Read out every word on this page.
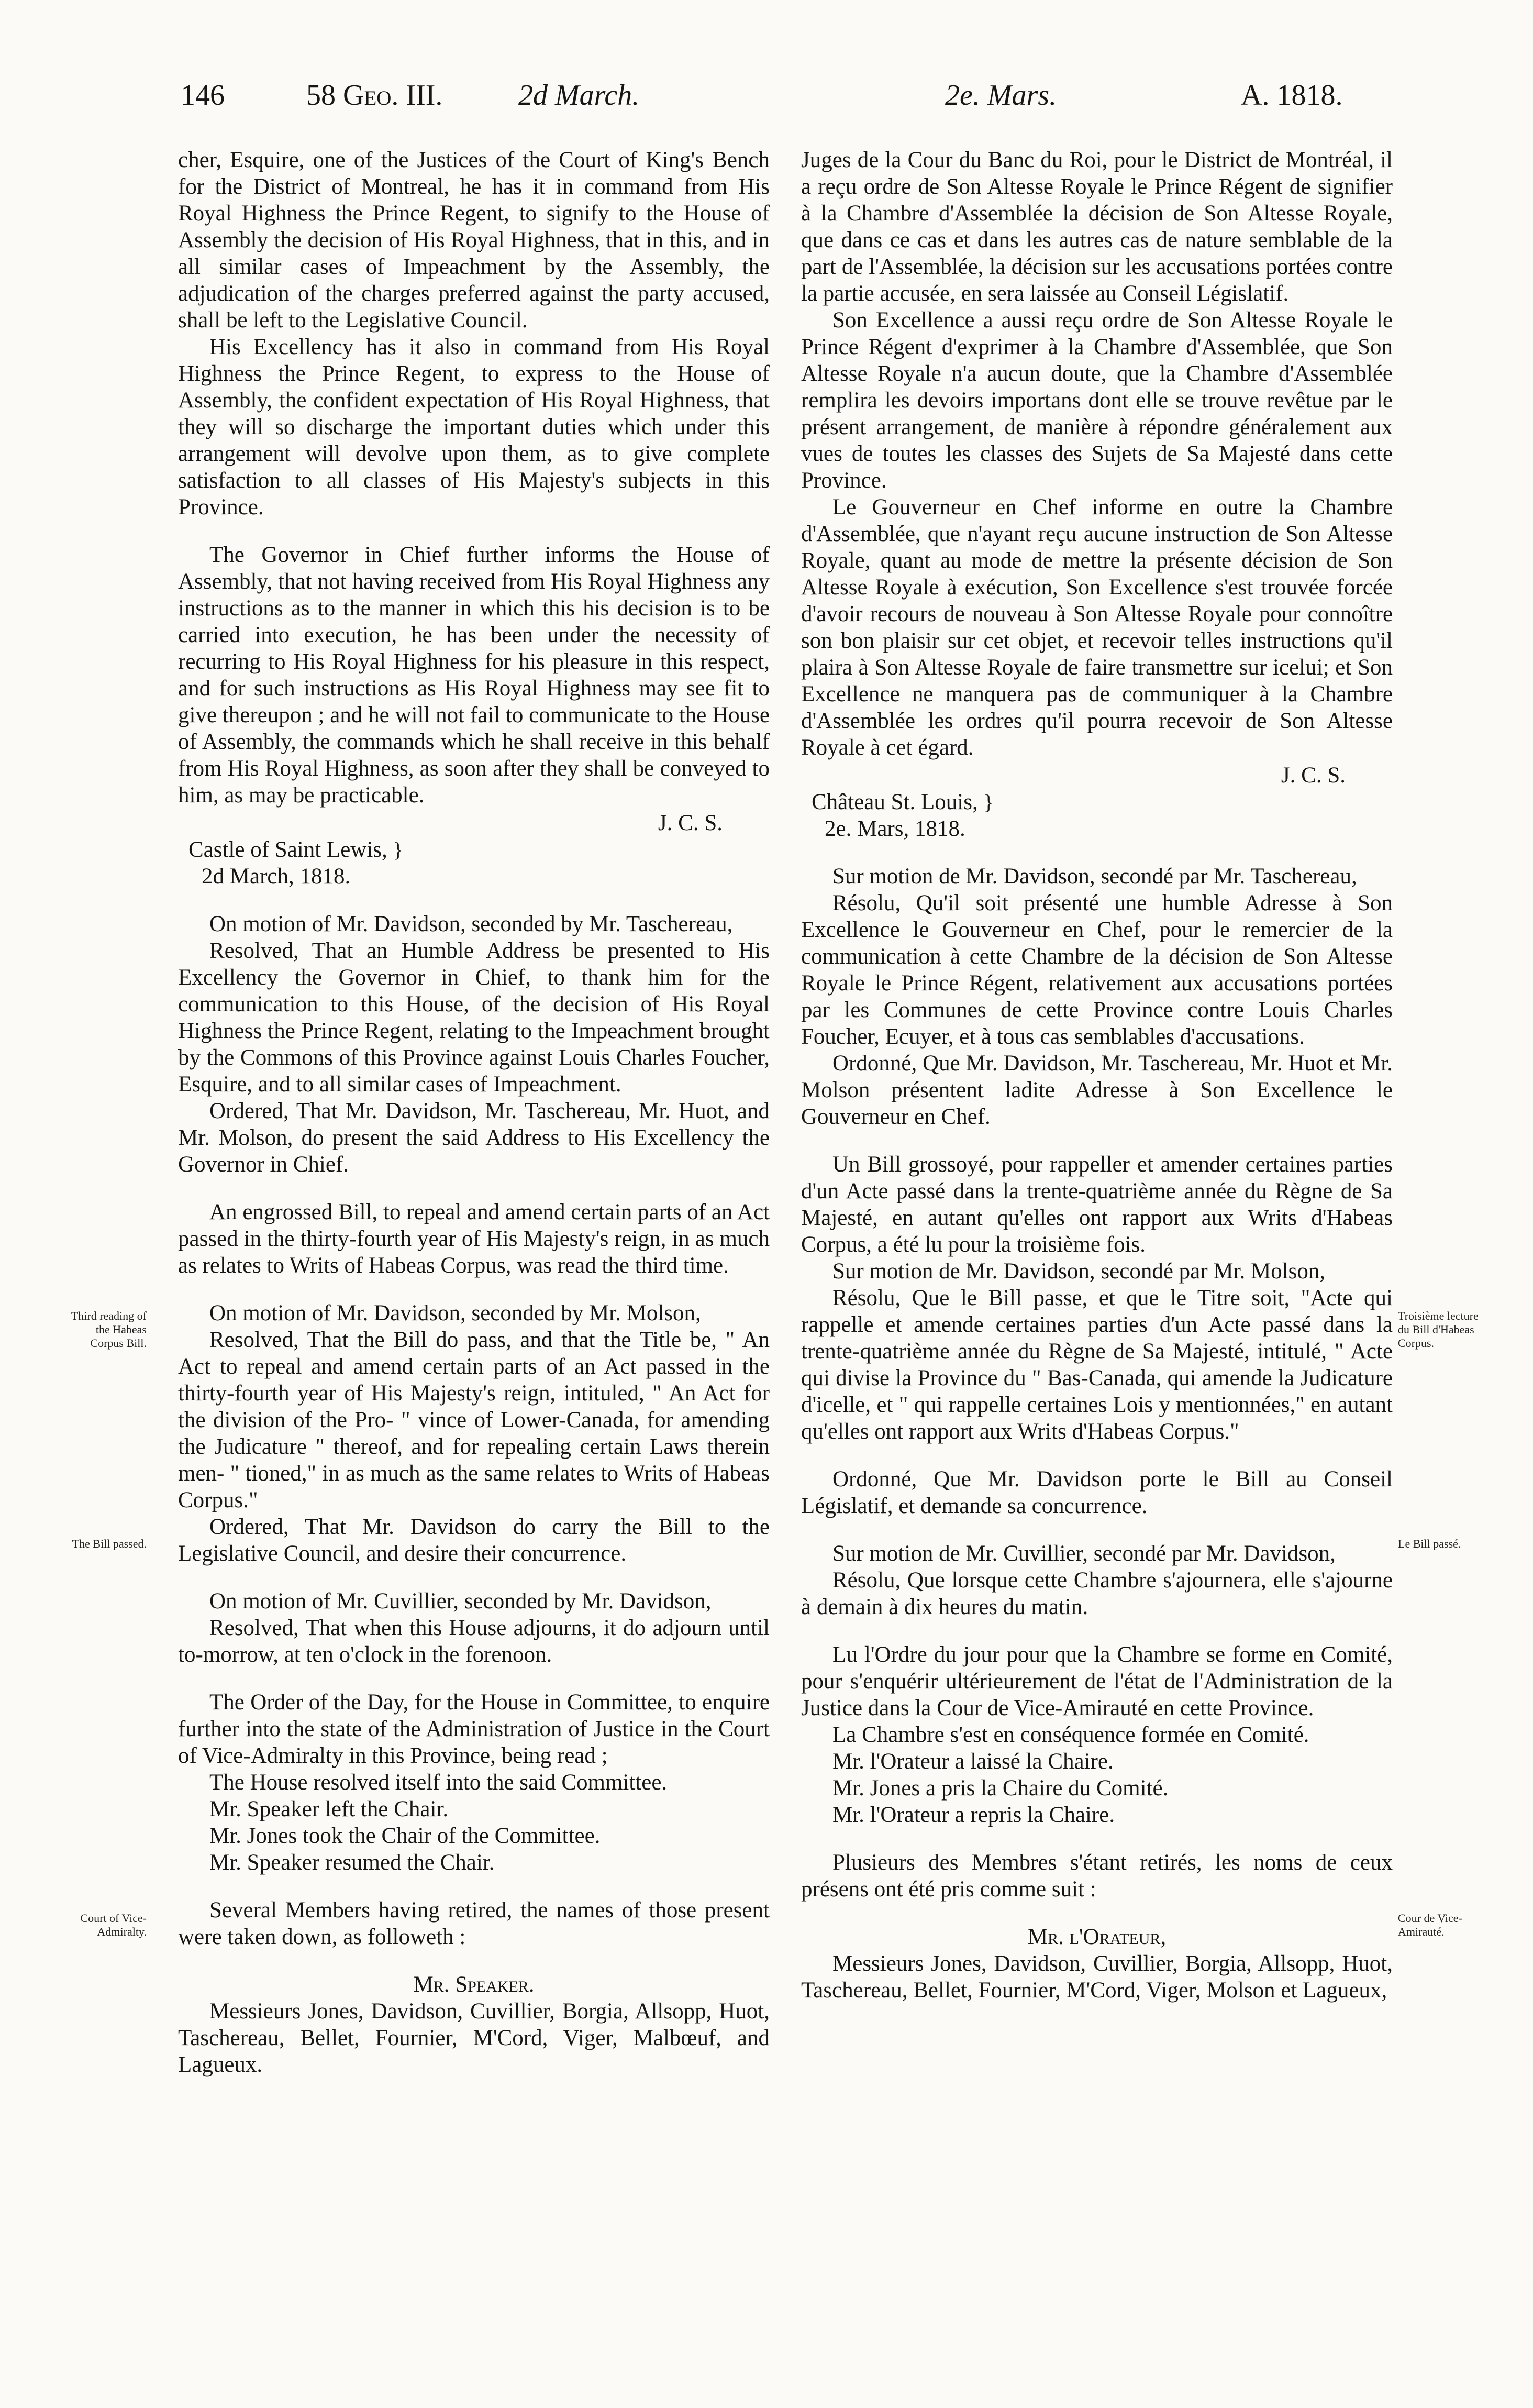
146	58 Geo. III.	2d March.	2e. Mars.	A. 1818.

cher, Esquire, one of the Justices of the Court of King's Bench for the District of Montreal, he has it in command from His Royal Highness the Prince Regent, to signify to the House of Assembly the decision of His Royal Highness, that in this, and in all similar cases of Impeachment by the Assembly, the adjudication of the charges preferred against the party accused, shall be left to the Legislative Council.

His Excellency has it also in command from His Royal Highness the Prince Regent, to express to the House of Assembly, the confident expectation of His Royal Highness, that they will so discharge the important duties which under this arrangement will devolve upon them, as to give complete satisfaction to all classes of His Majesty's subjects in this Province.

The Governor in Chief further informs the House of Assembly, that not having received from His Royal Highness any instructions as to the manner in which this his decision is to be carried into execution, he has been under the necessity of recurring to His Royal Highness for his pleasure in this respect, and for such instructions as His Royal Highness may see fit to give thereupon ; and he will not fail to communicate to the House of Assembly, the commands which he shall receive in this behalf from His Royal Highness, as soon after they shall be conveyed to him, as may be practicable.

J. C. S.

Castle of Saint Lewis, }
2d March, 1818.

On motion of Mr. Davidson, seconded by Mr. Taschereau,

Resolved, That an Humble Address be presented to His Excellency the Governor in Chief, to thank him for the communication to this House, of the decision of His Royal Highness the Prince Regent, relating to the Impeachment brought by the Commons of this Province against Louis Charles Foucher, Esquire, and to all similar cases of Impeachment.

Ordered, That Mr. Davidson, Mr. Taschereau, Mr. Huot, and Mr. Molson, do present the said Address to His Excellency the Governor in Chief.

An engrossed Bill, to repeal and amend certain parts of an Act passed in the thirty-fourth year of His Majesty's reign, in as much as relates to Writs of Habeas Corpus, was read the third time.

On motion of Mr. Davidson, seconded by Mr. Molson,

Resolved, That the Bill do pass, and that the Title be, " An Act to repeal and amend certain parts of an Act passed in the thirty-fourth year of His Majesty's reign, intituled, " An Act for the division of the Pro- " vince of Lower-Canada, for amending the Judicature " thereof, and for repealing certain Laws therein men- " tioned," in as much as the same relates to Writs of Habeas Corpus."

Ordered, That Mr. Davidson do carry the Bill to the Legislative Council, and desire their concurrence.

On motion of Mr. Cuvillier, seconded by Mr. Davidson,

Resolved, That when this House adjourns, it do adjourn until to-morrow, at ten o'clock in the forenoon.

The Order of the Day, for the House in Committee, to enquire further into the state of the Administration of Justice in the Court of Vice-Admiralty in this Province, being read ;

The House resolved itself into the said Committee.

Mr. Speaker left the Chair.

Mr. Jones took the Chair of the Committee.

Mr. Speaker resumed the Chair.

Several Members having retired, the names of those present were taken down, as followeth :

Mr. Speaker.

Messieurs Jones, Davidson, Cuvillier, Borgia, Allsopp, Huot, Taschereau, Bellet, Fournier, M'Cord, Viger, Malbœuf, and Lagueux.

Juges de la Cour du Banc du Roi, pour le District de Montréal, il a reçu ordre de Son Altesse Royale le Prince Régent de signifier à la Chambre d'Assemblée la décision de Son Altesse Royale, que dans ce cas et dans les autres cas de nature semblable de la part de l'Assemblée, la décision sur les accusations portées contre la partie accusée, en sera laissée au Conseil Législatif.

Son Excellence a aussi reçu ordre de Son Altesse Royale le Prince Régent d'exprimer à la Chambre d'Assemblée, que Son Altesse Royale n'a aucun doute, que la Chambre d'Assemblée remplira les devoirs importans dont elle se trouve revêtue par le présent arrangement, de manière à répondre généralement aux vues de toutes les classes des Sujets de Sa Majesté dans cette Province.

Le Gouverneur en Chef informe en outre la Chambre d'Assemblée, que n'ayant reçu aucune instruction de Son Altesse Royale, quant au mode de mettre la présente décision de Son Altesse Royale à exécution, Son Excellence s'est trouvée forcée d'avoir recours de nouveau à Son Altesse Royale pour connoître son bon plaisir sur cet objet, et recevoir telles instructions qu'il plaira à Son Altesse Royale de faire transmettre sur icelui; et Son Excellence ne manquera pas de communiquer à la Chambre d'Assemblée les ordres qu'il pourra recevoir de Son Altesse Royale à cet égard.

J. C. S.

Château St. Louis, }
2e. Mars, 1818.

Sur motion de Mr. Davidson, secondé par Mr. Taschereau,

Résolu, Qu'il soit présenté une humble Adresse à Son Excellence le Gouverneur en Chef, pour le remercier de la communication à cette Chambre de la décision de Son Altesse Royale le Prince Régent, relativement aux accusations portées par les Communes de cette Province contre Louis Charles Foucher, Ecuyer, et à tous cas semblables d'accusations.

Ordonné, Que Mr. Davidson, Mr. Taschereau, Mr. Huot et Mr. Molson présentent ladite Adresse à Son Excellence le Gouverneur en Chef.

Un Bill grossoyé, pour rappeller et amender certaines parties d'un Acte passé dans la trente-quatrième année du Règne de Sa Majesté, en autant qu'elles ont rapport aux Writs d'Habeas Corpus, a été lu pour la troisième fois.

Sur motion de Mr. Davidson, secondé par Mr. Molson,

Résolu, Que le Bill passe, et que le Titre soit, "Acte qui rappelle et amende certaines parties d'un Acte passé dans la trente-quatrième année du Règne de Sa Majesté, intitulé, " Acte qui divise la Province du " Bas-Canada, qui amende la Judicature d'icelle, et " qui rappelle certaines Lois y mentionnées," en autant qu'elles ont rapport aux Writs d'Habeas Corpus."

Ordonné, Que Mr. Davidson porte le Bill au Conseil Législatif, et demande sa concurrence.

Sur motion de Mr. Cuvillier, secondé par Mr. Davidson,

Résolu, Que lorsque cette Chambre s'ajournera, elle s'ajourne à demain à dix heures du matin.

Lu l'Ordre du jour pour que la Chambre se forme en Comité, pour s'enquérir ultérieurement de l'état de l'Administration de la Justice dans la Cour de Vice-Amirauté en cette Province.

La Chambre s'est en conséquence formée en Comité.

Mr. l'Orateur a laissé la Chaire.

Mr. Jones a pris la Chaire du Comité.

Mr. l'Orateur a repris la Chaire.

Plusieurs des Membres s'étant retirés, les noms de ceux présens ont été pris comme suit :

Mr. l'Orateur,

Messieurs Jones, Davidson, Cuvillier, Borgia, Allsopp, Huot, Taschereau, Bellet, Fournier, M'Cord, Viger, Molson et Lagueux,

Third reading of the Habeas Corpus Bill.
The Bill passed.
Court of Vice-Admiralty.
Troisième lecture du Bill d'Habeas Corpus.
Le Bill passé.
Cour de Vice-Amirauté.
